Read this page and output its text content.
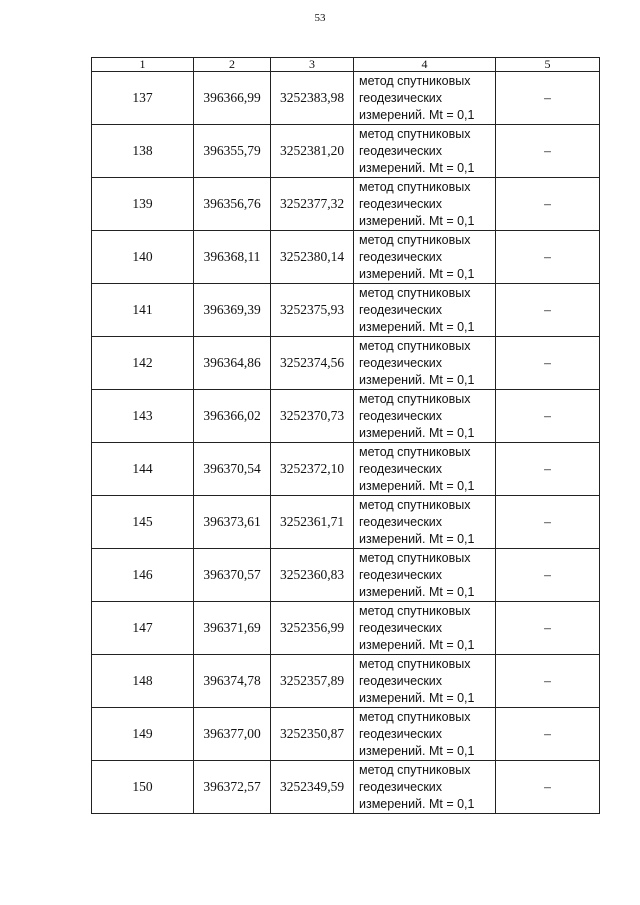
53
1	2	3	4	5
137	396366,99	3252383,98	метод спутниковых
геодезических
измерений. Mt = 0,1	–
138	396355,79	3252381,20	метод спутниковых
геодезических
измерений. Mt = 0,1	–
139	396356,76	3252377,32	метод спутниковых
геодезических
измерений. Mt = 0,1	–
140	396368,11	3252380,14	метод спутниковых
геодезических
измерений. Mt = 0,1	–
141	396369,39	3252375,93	метод спутниковых
геодезических
измерений. Mt = 0,1	–
142	396364,86	3252374,56	метод спутниковых
геодезических
измерений. Mt = 0,1	–
143	396366,02	3252370,73	метод спутниковых
геодезических
измерений. Mt = 0,1	–
144	396370,54	3252372,10	метод спутниковых
геодезических
измерений. Mt = 0,1	–
145	396373,61	3252361,71	метод спутниковых
геодезических
измерений. Mt = 0,1	–
146	396370,57	3252360,83	метод спутниковых
геодезических
измерений. Mt = 0,1	–
147	396371,69	3252356,99	метод спутниковых
геодезических
измерений. Mt = 0,1	–
148	396374,78	3252357,89	метод спутниковых
геодезических
измерений. Mt = 0,1	–
149	396377,00	3252350,87	метод спутниковых
геодезических
измерений. Mt = 0,1	–
150	396372,57	3252349,59	метод спутниковых
геодезических
измерений. Mt = 0,1	–
